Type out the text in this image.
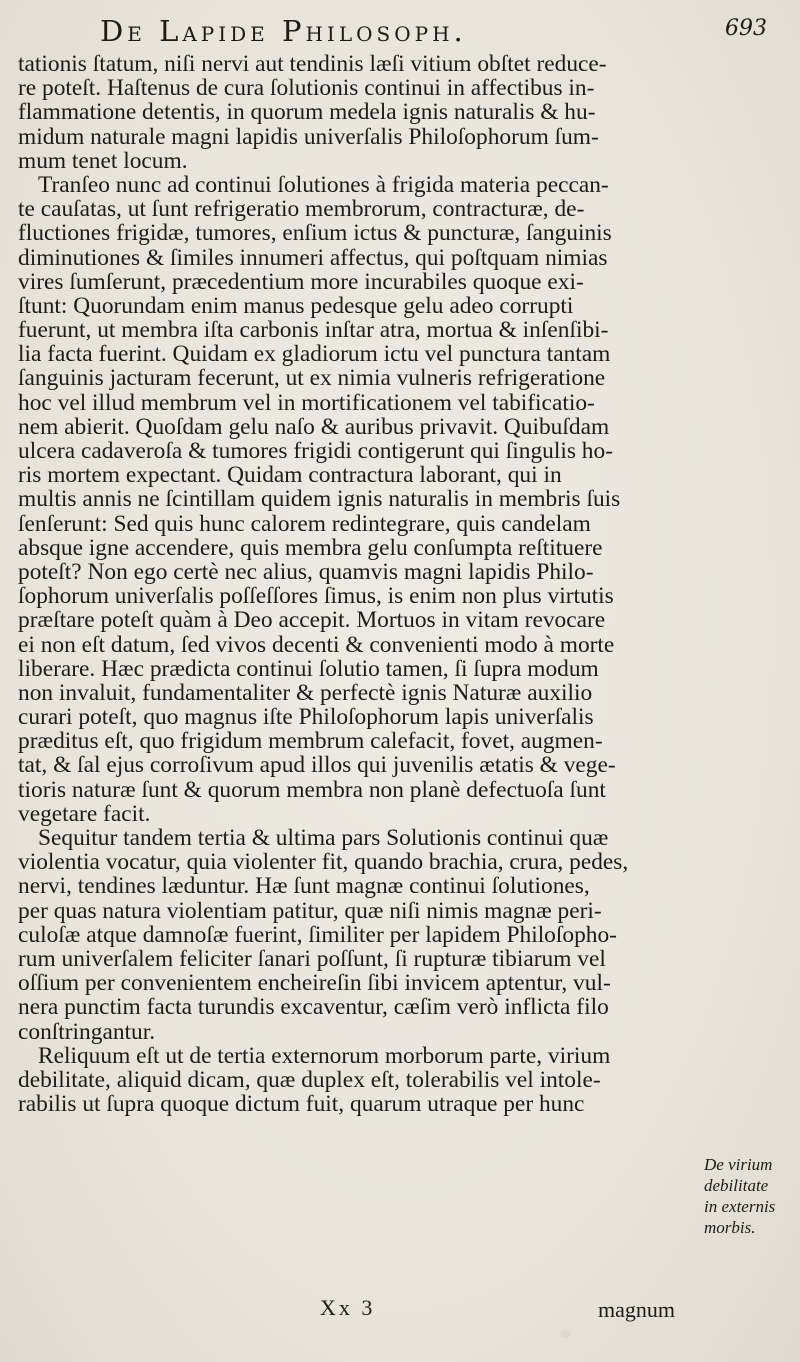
De Lapide Philosoph.	693
tationis ſtatum, niſi nervi aut tendinis læſi vitium obſtet reduce-
re poteſt. Haſtenus de cura ſolutionis continui in affectibus in-
flammatione detentis, in quorum medela ignis naturalis & hu-
midum naturale magni lapidis univerſalis Philoſophorum ſum-
mum tenet locum.
Tranſeo nunc ad continui ſolutiones à frigida materia peccan-
te cauſatas, ut ſunt refrigeratio membrorum, contracturæ, de-
fluctiones frigidæ, tumores, enſium ictus & puncturæ, ſanguinis
diminutiones & ſimiles innumeri affectus, qui poſtquam nimias
vires ſumſerunt, præcedentium more incurabiles quoque exi-
ſtunt: Quorundam enim manus pedesque gelu adeo corrupti
fuerunt, ut membra iſta carbonis inſtar atra, mortua & inſenſibi-
lia facta fuerint. Quidam ex gladiorum ictu vel punctura tantam
ſanguinis jacturam fecerunt, ut ex nimia vulneris refrigeratione
hoc vel illud membrum vel in mortificationem vel tabificatio-
nem abierit. Quoſdam gelu naſo & auribus privavit. Quibuſdam
ulcera cadaveroſa & tumores frigidi contigerunt qui ſingulis ho-
ris mortem expectant. Quidam contractura laborant, qui in
multis annis ne ſcintillam quidem ignis naturalis in membris ſuis
ſenſerunt: Sed quis hunc calorem redintegrare, quis candelam
absque igne accendere, quis membra gelu conſumpta reſtituere
poteſt? Non ego certè nec alius, quamvis magni lapidis Philo-
ſophorum univerſalis poſſeſſores ſimus, is enim non plus virtutis
præſtare poteſt quàm à Deo accepit. Mortuos in vitam revocare
ei non eſt datum, ſed vivos decenti & convenienti modo à morte
liberare. Hæc prædicta continui ſolutio tamen, ſi ſupra modum
non invaluit, fundamentaliter & perfectè ignis Naturæ auxilio
curari poteſt, quo magnus iſte Philoſophorum lapis univerſalis
præditus eſt, quo frigidum membrum calefacit, fovet, augmen-
tat, & ſal ejus corroſivum apud illos qui juvenilis ætatis & vege-
tioris naturæ ſunt & quorum membra non planè defectuoſa ſunt
vegetare facit.
Sequitur tandem tertia & ultima pars Solutionis continui quæ
violentia vocatur, quia violenter fit, quando brachia, crura, pedes,
nervi, tendines læduntur. Hæ ſunt magnæ continui ſolutiones,
per quas natura violentiam patitur, quæ niſi nimis magnæ peri-
culoſæ atque damnoſæ fuerint, ſimiliter per lapidem Philoſopho-
rum univerſalem feliciter ſanari poſſunt, ſi rupturæ tibiarum vel
oſſium per convenientem encheireſin ſibi invicem aptentur, vul-
nera punctim facta turundis excaventur, cæſim verò inflicta filo
conſtringantur.
Reliquum eſt ut de tertia externorum morborum parte, virium
debilitate, aliquid dicam, quæ duplex eſt, tolerabilis vel intole-
rabilis ut ſupra quoque dictum fuit, quarum utraque per hunc
De virium
debilitate
in externis
morbis.
Xx 3	magnum
